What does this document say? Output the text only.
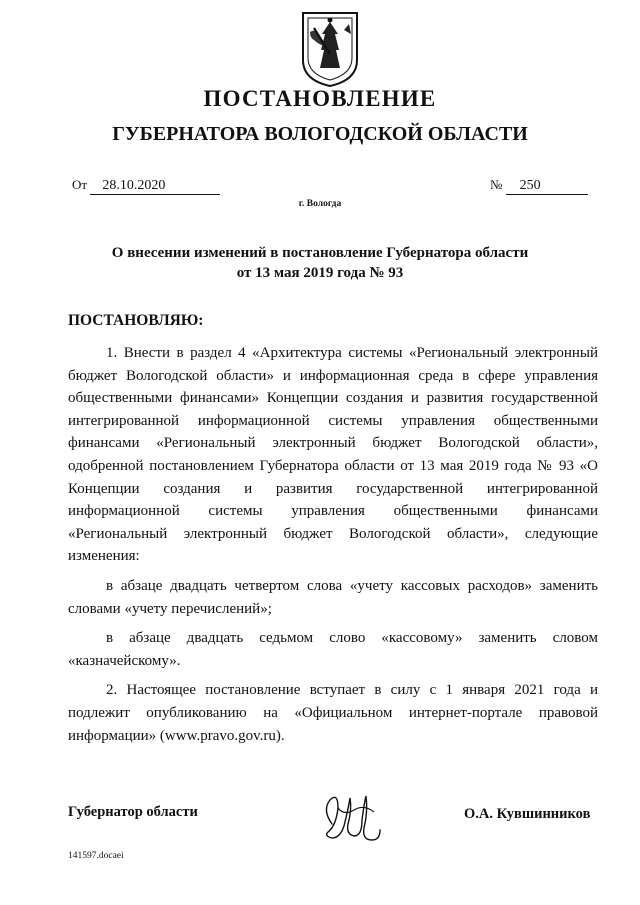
ПОСТАНОВЛЕНИЕ
ГУБЕРНАТОРА ВОЛОГОДСКОЙ ОБЛАСТИ
От 28.10.2020	№ 250
г. Вологда
О внесении изменений в постановление Губернатора области
от 13 мая 2019 года № 93
ПОСТАНОВЛЯЮ:

1. Внести в раздел 4 «Архитектура системы «Региональный электронный бюджет Вологодской области» и информационная среда в сфере управления общественными финансами» Концепции создания и развития государственной интегрированной информационной системы управления общественными финансами «Региональный электронный бюджет Вологодской области», одобренной постановлением Губернатора области от 13 мая 2019 года № 93 «О Концепции создания и развития государственной интегрированной информационной системы управления общественными финансами «Региональный электронный бюджет Вологодской области», следующие изменения:

в абзаце двадцать четвертом слова «учету кассовых расходов» заменить словами «учету перечислений»;

в абзаце двадцать седьмом слово «кассовому» заменить словом «казначейскому».

2. Настоящее постановление вступает в силу с 1 января 2021 года и подлежит опубликованию на «Официальном интернет-портале правовой информации» (www.pravo.gov.ru).

Губернатор области	О.А. Кувшинников
141597.docaei
